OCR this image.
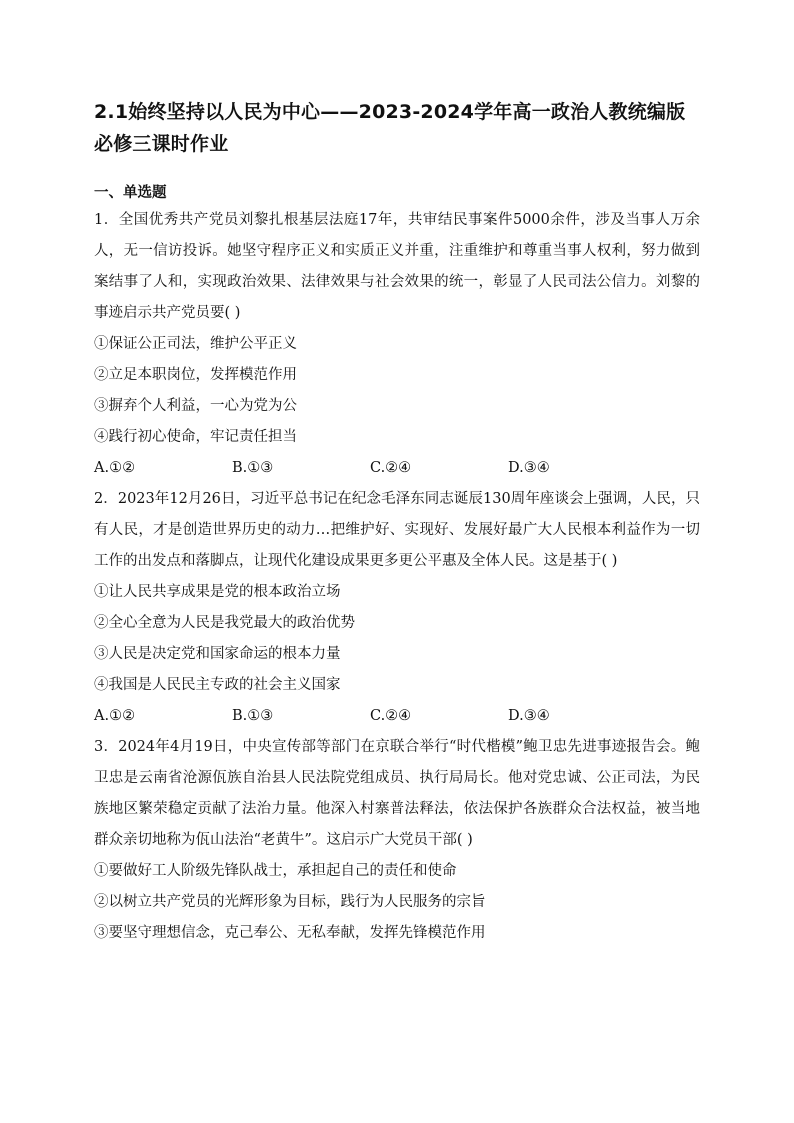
2.1始终坚持以人民为中心——2023-2024学年高一政治人教统编版必修三课时作业
一、单选题

1．全国优秀共产党员刘黎扎根基层法庭17年，共审结民事案件5000余件，涉及当事人万余人，无一信访投诉。她坚守程序正义和实质正义并重，注重维护和尊重当事人权利，努力做到案结事了人和，实现政治效果、法律效果与社会效果的统一，彰显了人民司法公信力。刘黎的事迹启示共产党员要( )

①保证公正司法，维护公平正义

②立足本职岗位，发挥模范作用

③摒弃个人利益，一心为党为公

④践行初心使命，牢记责任担当

A.①②	B.①③	C.②④	D.③④

2．2023年12月26日，习近平总书记在纪念毛泽东同志诞辰130周年座谈会上强调，人民，只有人民，才是创造世界历史的动力…把维护好、实现好、发展好最广大人民根本利益作为一切工作的出发点和落脚点，让现代化建设成果更多更公平惠及全体人民。这是基于( )

①让人民共享成果是党的根本政治立场

②全心全意为人民是我党最大的政治优势

③人民是决定党和国家命运的根本力量

④我国是人民民主专政的社会主义国家

A.①②	B.①③	C.②④	D.③④

3．2024年4月19日，中央宣传部等部门在京联合举行“时代楷模”鲍卫忠先进事迹报告会。鲍卫忠是云南省沧源佤族自治县人民法院党组成员、执行局局长。他对党忠诚、公正司法，为民族地区繁荣稳定贡献了法治力量。他深入村寨普法释法，依法保护各族群众合法权益，被当地群众亲切地称为佤山法治“老黄牛”。这启示广大党员干部( )

①要做好工人阶级先锋队战士，承担起自己的责任和使命

②以树立共产党员的光辉形象为目标，践行为人民服务的宗旨

③要坚守理想信念，克己奉公、无私奉献，发挥先锋模范作用
